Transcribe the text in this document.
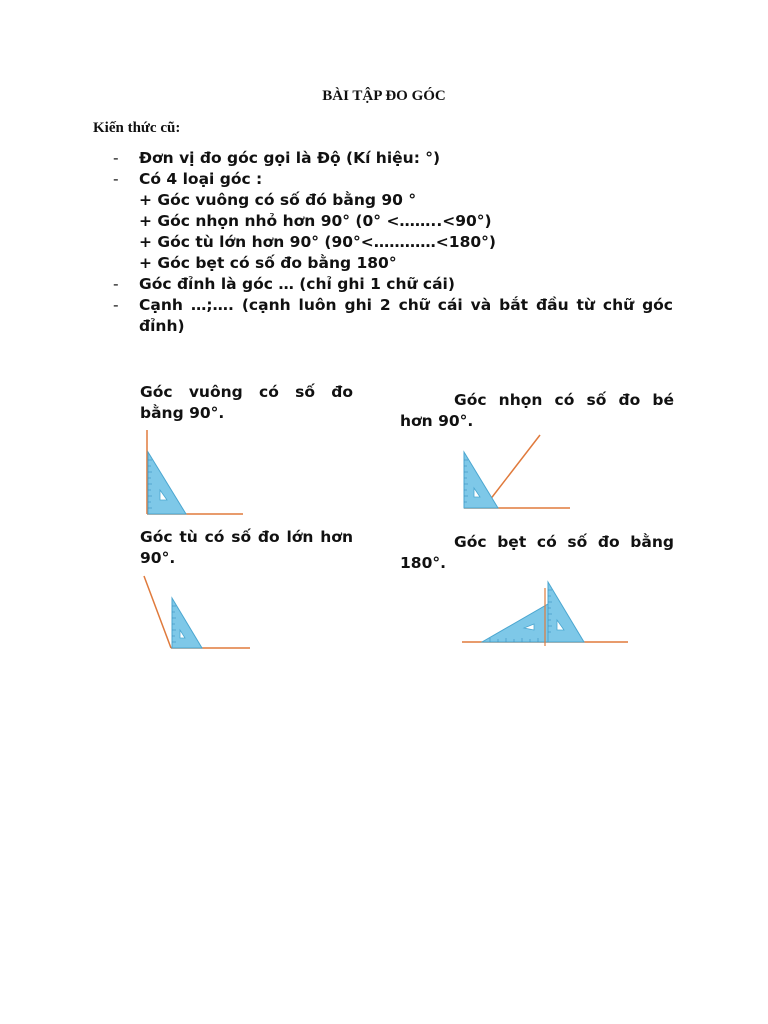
BÀI TẬP ĐO GÓC
Kiến thức cũ:
- Đơn vị đo góc gọi là Độ (Kí hiệu: °)
- Có 4 loại góc :
+ Góc vuông có số đó bằng 90 °
+ Góc nhọn nhỏ hơn 90° (0° <……..<90°)
+ Góc tù lớn hơn 90° (90°<…………<180°)
+ Góc bẹt có số đo bằng 180°
- Góc đỉnh là góc … (chỉ ghi 1 chữ cái)
- Cạnh …;…. (cạnh luôn ghi 2 chữ cái và bắt đầu từ chữ góc đỉnh)
Góc vuông có số đo bằng 90°.
Góc nhọn có số đo bé hơn 90°.
Góc tù có số đo lớn hơn 90°.
Góc bẹt có số đo bằng 180°.
